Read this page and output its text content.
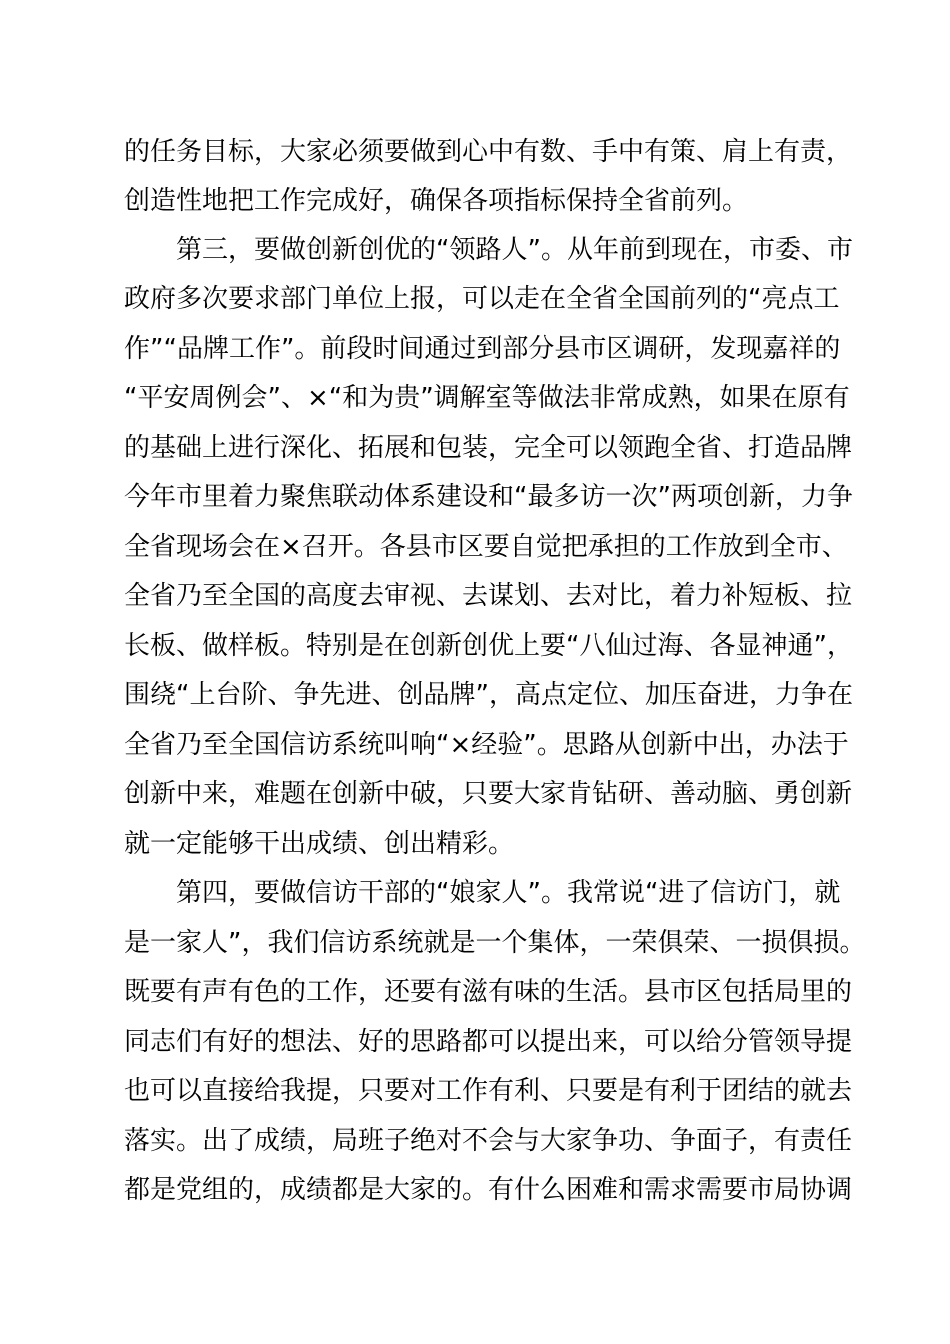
的任务目标，大家必须要做到心中有数、手中有策、肩上有责，
创造性地把工作完成好，确保各项指标保持全省前列。
第三，要做创新创优的“领路人”。从年前到现在，市委、市
政府多次要求部门单位上报，可以走在全省全国前列的“亮点工
作”“品牌工作”。前段时间通过到部分县市区调研，发现嘉祥的
“平安周例会”、×“和为贵”调解室等做法非常成熟，如果在原有
的基础上进行深化、拓展和包装，完全可以领跑全省、打造品牌
今年市里着力聚焦联动体系建设和“最多访一次”两项创新，力争
全省现场会在×召开。各县市区要自觉把承担的工作放到全市、
全省乃至全国的高度去审视、去谋划、去对比，着力补短板、拉
长板、做样板。特别是在创新创优上要“八仙过海、各显神通”，
围绕“上台阶、争先进、创品牌”，高点定位、加压奋进，力争在
全省乃至全国信访系统叫响“×经验”。思路从创新中出，办法于
创新中来，难题在创新中破，只要大家肯钻研、善动脑、勇创新
就一定能够干出成绩、创出精彩。
第四，要做信访干部的“娘家人”。我常说“进了信访门，就
是一家人”，我们信访系统就是一个集体，一荣俱荣、一损俱损。
既要有声有色的工作，还要有滋有味的生活。县市区包括局里的
同志们有好的想法、好的思路都可以提出来，可以给分管领导提
也可以直接给我提，只要对工作有利、只要是有利于团结的就去
落实。出了成绩，局班子绝对不会与大家争功、争面子，有责任
都是党组的，成绩都是大家的。有什么困难和需求需要市局协调
